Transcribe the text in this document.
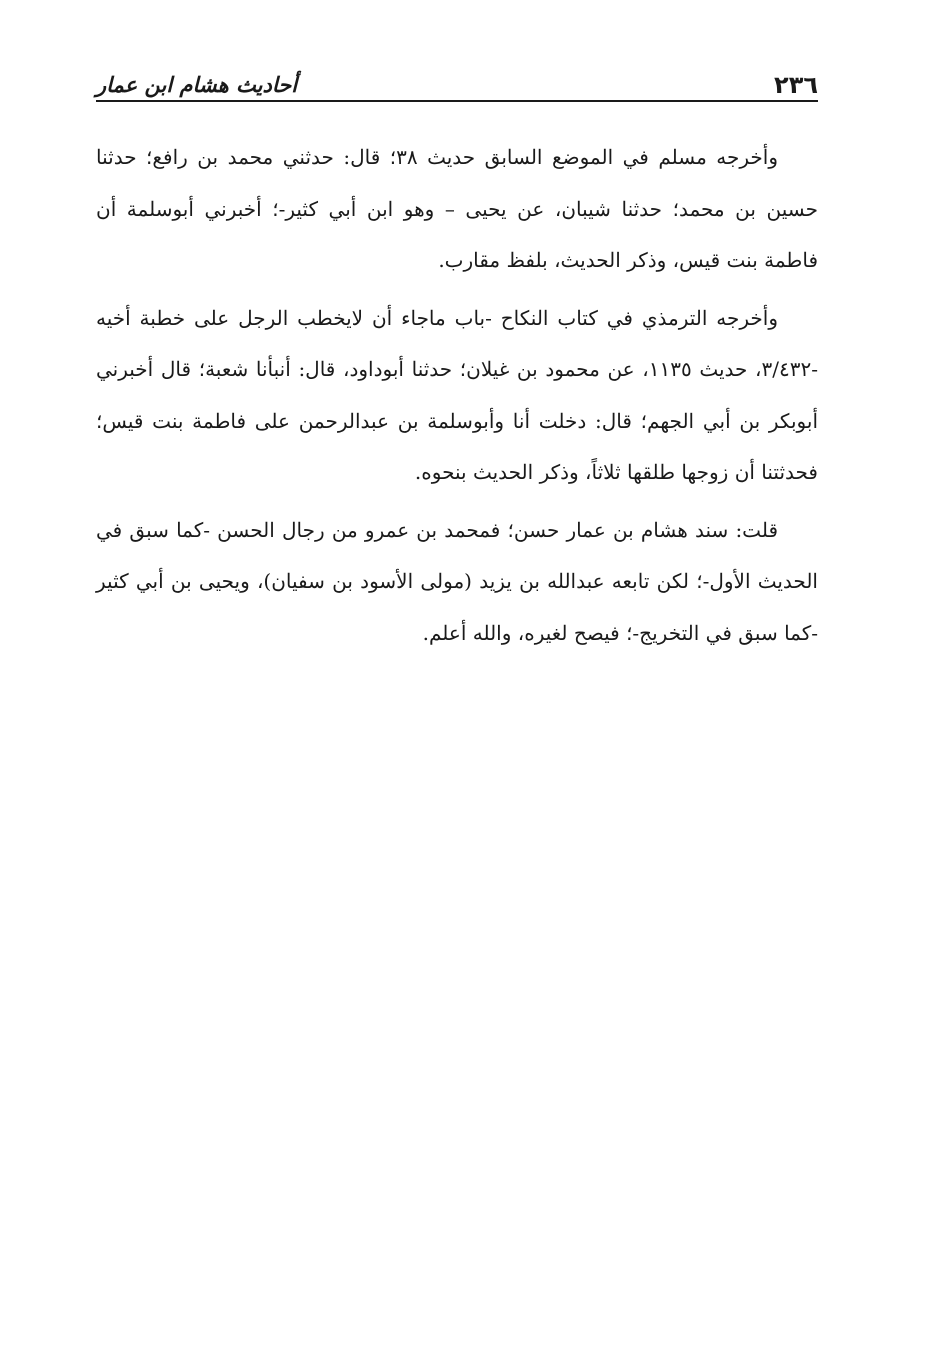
٢٣٦
أحاديث هشام ابن عمار

وأخرجه مسلم في الموضع السابق حديث ٣٨؛ قال: حدثني محمد بن رافع؛ حدثنا حسين بن محمد؛ حدثنا شيبان، عن يحيى – وهو ابن أبي كثير-؛ أخبرني أبوسلمة أن فاطمة بنت قيس، وذكر الحديث، بلفظ مقارب.

وأخرجه الترمذي في كتاب النكاح -باب ماجاء أن لايخطب الرجل على خطبة أخيه -٣/٤٣٢، حديث ١١٣٥، عن محمود بن غيلان؛ حدثنا أبوداود، قال: أنبأنا شعبة؛ قال أخبرني أبوبكر بن أبي الجهم؛ قال: دخلت أنا وأبوسلمة بن عبدالرحمن على فاطمة بنت قيس؛ فحدثتنا أن زوجها طلقها ثلاثاً، وذكر الحديث بنحوه.

قلت: سند هشام بن عمار حسن؛ فمحمد بن عمرو من رجال الحسن -كما سبق في الحديث الأول-؛ لكن تابعه عبدالله بن يزيد (مولى الأسود بن سفيان)، ويحيى بن أبي كثير -كما سبق في التخريج-؛ فيصح لغيره، والله أعلم.
